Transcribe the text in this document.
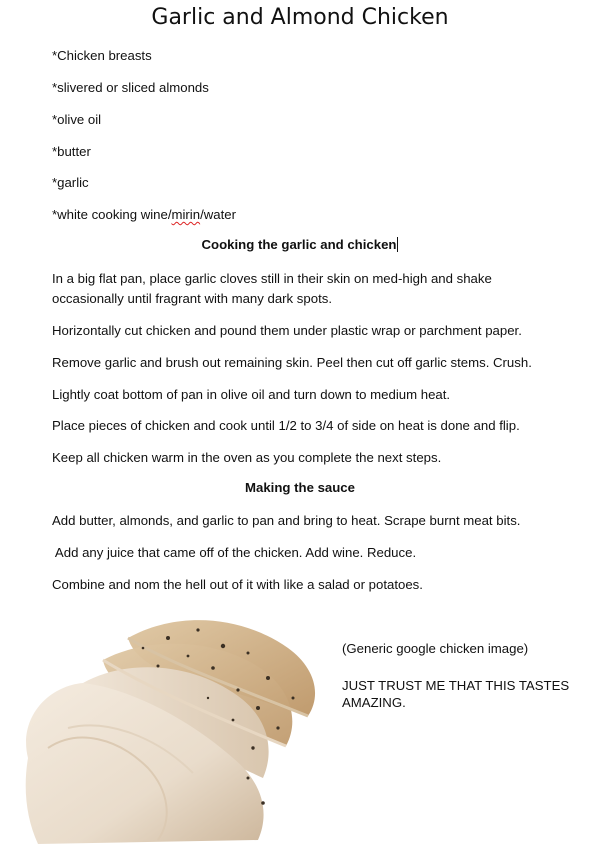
Garlic and Almond Chicken
*Chicken breasts
*slivered or sliced almonds
*olive oil
*butter
*garlic
*white cooking wine/mirin/water
Cooking the garlic and chicken
In a big flat pan, place garlic cloves still in their skin on med-high and shake occasionally until fragrant with many dark spots.
Horizontally cut chicken and pound them under plastic wrap or parchment paper.
Remove garlic and brush out remaining skin. Peel then cut off garlic stems. Crush.
Lightly coat bottom of pan in olive oil and turn down to medium heat.
Place pieces of chicken and cook until 1/2 to 3/4 of side on heat is done and flip.
Keep all chicken warm in the oven as you complete the next steps.
Making the sauce
Add butter, almonds, and garlic to pan and bring to heat. Scrape burnt meat bits.
Add any juice that came off of the chicken. Add wine. Reduce.
Combine and nom the hell out of it with like a salad or potatoes.
(Generic google chicken image)
JUST TRUST ME THAT THIS TASTES AMAZING.
